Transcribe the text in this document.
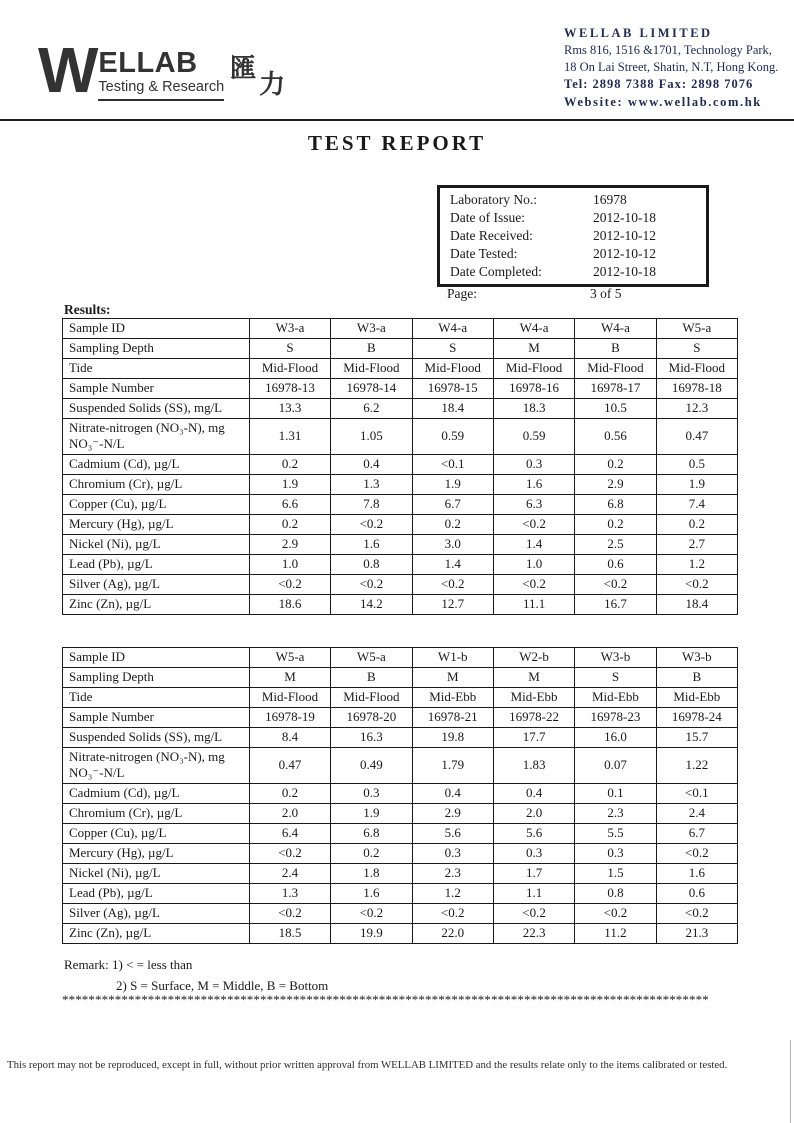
W ELLAB
Testing & Research
匯
力
WELLAB LIMITED
Rms 816, 1516 &1701, Technology Park,
18 On Lai Street, Shatin, N.T, Hong Kong.
Tel: 2898 7388 Fax: 2898 7076
Website: www.wellab.com.hk
TEST REPORT
Laboratory No.:	16978
Date of Issue:	2012-10-18
Date Received:	2012-10-12
Date Tested:	2012-10-12
Date Completed:	2012-10-18
Page:	3 of 5
Results:
Sample ID	W3-a	W3-a	W4-a	W4-a	W4-a	W5-a
Sampling Depth	S	B	S	M	B	S
Tide	Mid-Flood	Mid-Flood	Mid-Flood	Mid-Flood	Mid-Flood	Mid-Flood
Sample Number	16978-13	16978-14	16978-15	16978-16	16978-17	16978-18
Suspended Solids (SS), mg/L	13.3	6.2	18.4	18.3	10.5	12.3
Nitrate-nitrogen (NO₃-N), mg NO₃⁻-N/L	1.31	1.05	0.59	0.59	0.56	0.47
Cadmium (Cd), µg/L	0.2	0.4	<0.1	0.3	0.2	0.5
Chromium (Cr), µg/L	1.9	1.3	1.9	1.6	2.9	1.9
Copper (Cu), µg/L	6.6	7.8	6.7	6.3	6.8	7.4
Mercury (Hg), µg/L	0.2	<0.2	0.2	<0.2	0.2	0.2
Nickel (Ni), µg/L	2.9	1.6	3.0	1.4	2.5	2.7
Lead (Pb), µg/L	1.0	0.8	1.4	1.0	0.6	1.2
Silver (Ag), µg/L	<0.2	<0.2	<0.2	<0.2	<0.2	<0.2
Zinc (Zn), µg/L	18.6	14.2	12.7	11.1	16.7	18.4
Sample ID	W5-a	W5-a	W1-b	W2-b	W3-b	W3-b
Sampling Depth	M	B	M	M	S	B
Tide	Mid-Flood	Mid-Flood	Mid-Ebb	Mid-Ebb	Mid-Ebb	Mid-Ebb
Sample Number	16978-19	16978-20	16978-21	16978-22	16978-23	16978-24
Suspended Solids (SS), mg/L	8.4	16.3	19.8	17.7	16.0	15.7
Nitrate-nitrogen (NO₃-N), mg NO₃⁻-N/L	0.47	0.49	1.79	1.83	0.07	1.22
Cadmium (Cd), µg/L	0.2	0.3	0.4	0.4	0.1	<0.1
Chromium (Cr), µg/L	2.0	1.9	2.9	2.0	2.3	2.4
Copper (Cu), µg/L	6.4	6.8	5.6	5.6	5.5	6.7
Mercury (Hg), µg/L	<0.2	0.2	0.3	0.3	0.3	<0.2
Nickel (Ni), µg/L	2.4	1.8	2.3	1.7	1.5	1.6
Lead (Pb), µg/L	1.3	1.6	1.2	1.1	0.8	0.6
Silver (Ag), µg/L	<0.2	<0.2	<0.2	<0.2	<0.2	<0.2
Zinc (Zn), µg/L	18.5	19.9	22.0	22.3	11.2	21.3
Remark: 1) < = less than
2) S = Surface, M = Middle, B = Bottom
**************************************************************************************************
This report may not be reproduced, except in full, without prior written approval from WELLAB LIMITED and the results relate only to the items calibrated or tested.
